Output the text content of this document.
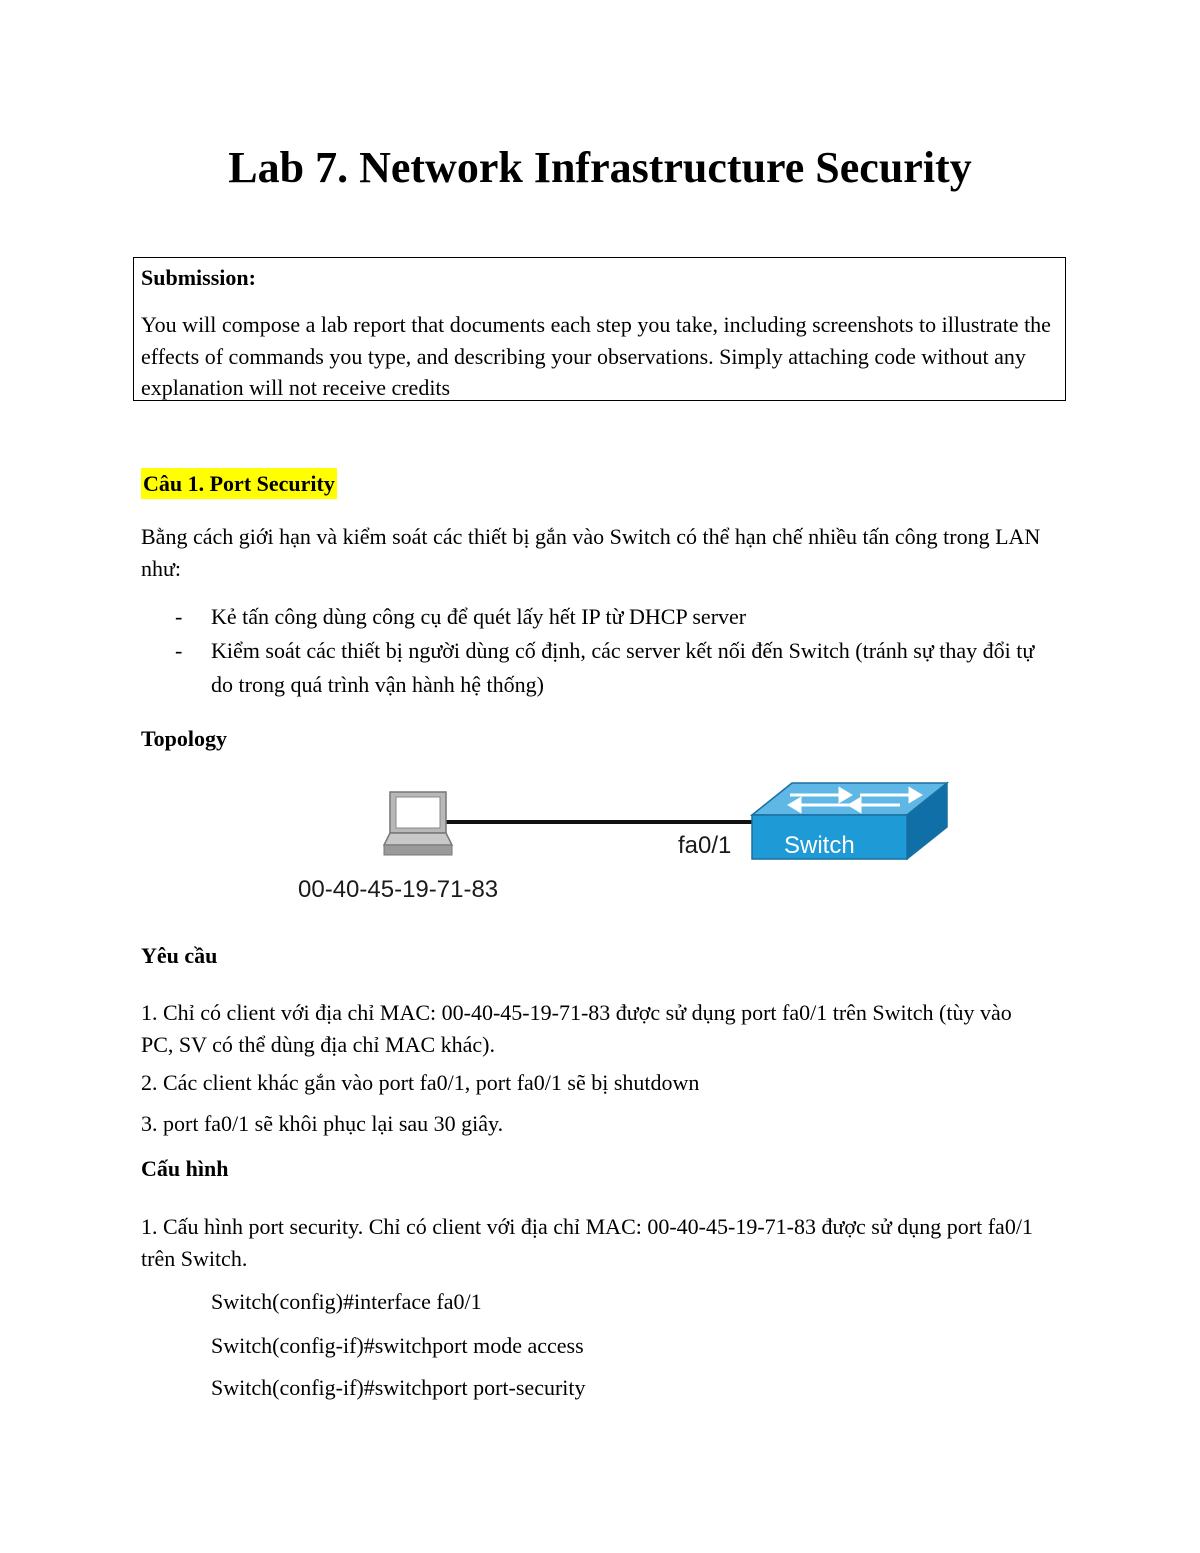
Lab 7. Network Infrastructure Security
Submission:
You will compose a lab report that documents each step you take, including screenshots to illustrate the effects of commands you type, and describing your observations. Simply attaching code without any explanation will not receive credits
Câu 1. Port Security
Bằng cách giới hạn và kiểm soát các thiết bị gắn vào Switch có thể hạn chế nhiều tấn công trong LAN như:
- Kẻ tấn công dùng công cụ để quét lấy hết IP từ DHCP server
- Kiểm soát các thiết bị người dùng cố định, các server kết nối đến Switch (tránh sự thay đổi tự do trong quá trình vận hành hệ thống)
Topology
Switch
fa0/1
00-40-45-19-71-83
Yêu cầu
1. Chỉ có client với địa chỉ MAC: 00-40-45-19-71-83 được sử dụng port fa0/1 trên Switch (tùy vào PC, SV có thể dùng địa chỉ MAC khác).
2. Các client khác gắn vào port fa0/1, port fa0/1 sẽ bị shutdown
3. port fa0/1 sẽ khôi phục lại sau 30 giây.
Cấu hình
1. Cấu hình port security. Chỉ có client với địa chỉ MAC: 00-40-45-19-71-83 được sử dụng port fa0/1 trên Switch.
Switch(config)#interface fa0/1
Switch(config-if)#switchport mode access
Switch(config-if)#switchport port-security
